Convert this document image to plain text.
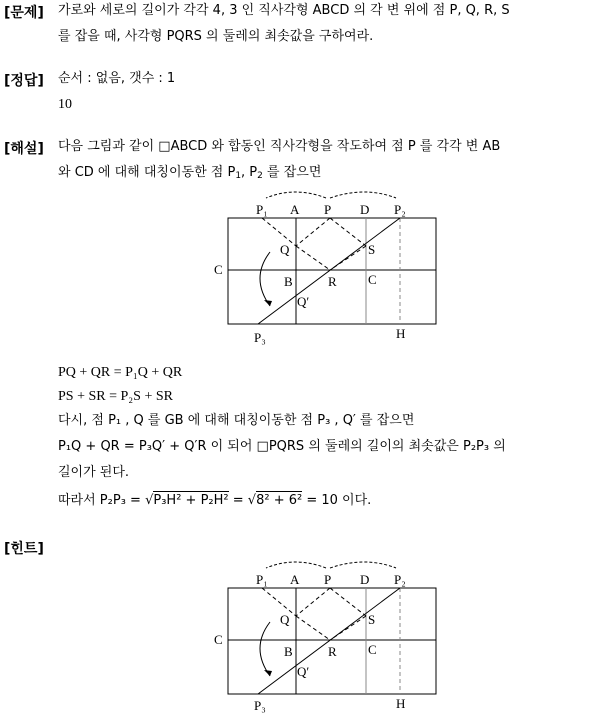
[문제] 가로와 세로의 길이가 각각 4, 3 인 직사각형 ABCD 의 각 변 위에 점 P, Q, R, S
를 잡을 때, 사각형 PQRS 의 둘레의 최솟값을 구하여라.
[정답] 순서 : 없음, 갯수 : 1
10
[해설] 다음 그림과 같이 □ABCD 와 합동인 직사각형을 작도하여 점 P 를 각각 변 AB
와 CD 에 대해 대칭이동한 점 $P_1$, $P_2$ 를 잡으면
P₁ A P D P₂
Q	S
C
B	R C
Q′
P₃	H
PQ + QR = P₁Q + QR
PS + SR = P₂S + SR
다시, 점 P₁ , Q 를 GB 에 대해 대칭이동한 점 P₃ , Q′ 를 잡으면
P₁Q + QR = P₃Q′ + Q′R 이 되어 □PQRS 의 둘레의 길이의 최솟값은 P₂P₃ 의
길이가 된다.
따라서 P₂P₃ = √P₃H² + P₂H² = √8² + 6² = 10 이다.
[힌트]
P₁ A P D P₂
Q	S
C
B	R C
Q′
P₃	H
